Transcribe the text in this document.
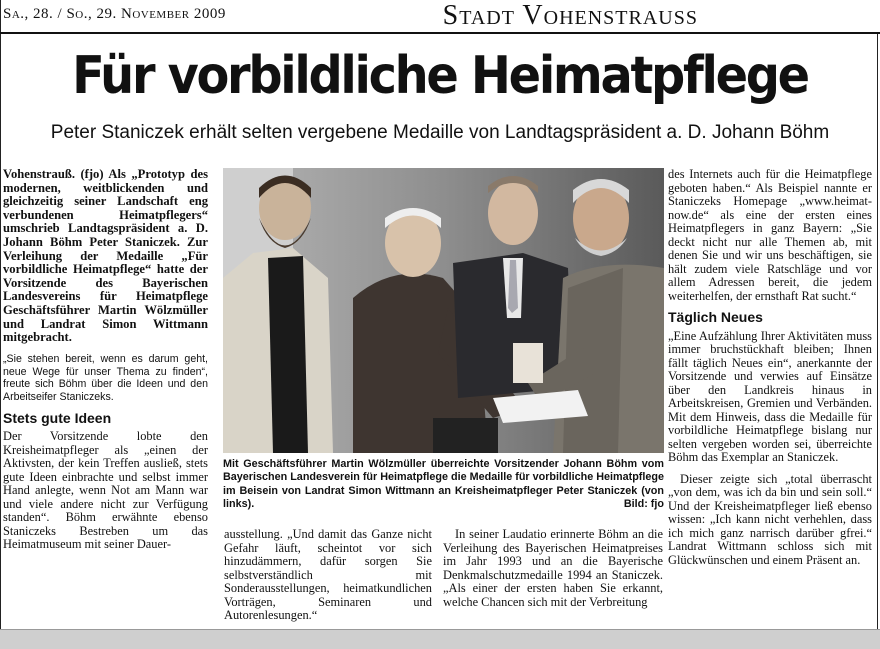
Sa., 28. / So., 29. November 2009	Stadt Vohenstrauss
Für vorbildliche Heimatpflege
Peter Staniczek erhält selten vergebene Medaille von Landtagspräsident a. D. Johann Böhm

Vohenstrauß. (fjo) Als „Prototyp des modernen, weitblickenden und gleichzeitig seiner Landschaft eng verbundenen Heimatpflegers“ umschrieb Landtagspräsident a. D. Johann Böhm Peter Staniczek. Zur Verleihung der Medaille „Für vorbildliche Heimatpflege“ hatte der Vorsitzende des Bayerischen Landesvereins für Heimatpflege Geschäftsführer Martin Wölzmüller und Landrat Simon Wittmann mitgebracht.

„Sie stehen bereit, wenn es darum geht, neue Wege für unser Thema zu finden“, freute sich Böhm über die Ideen und den Arbeitseifer Staniczeks.

Stets gute Ideen

Der Vorsitzende lobte den Kreisheimatpfleger als „einen der Aktivsten, der kein Treffen ausließ, stets gute Ideen einbrachte und selbst immer Hand anlegte, wenn Not am Mann war und viele andere nicht zur Verfügung standen“. Böhm erwähnte ebenso Staniczeks Bestreben um das Heimatmuseum mit seiner Dauer-

Mit Geschäftsführer Martin Wölzmüller überreichte Vorsitzender Johann Böhm vom Bayerischen Landesverein für Heimatpflege die Medaille für vorbildliche Heimatpflege im Beisein von Landrat Simon Wittmann an Kreisheimatpfleger Peter Staniczek (von links).	Bild: fjo

ausstellung. „Und damit das Ganze nicht Gefahr läuft, scheintot vor sich hinzudämmern, dafür sorgen Sie selbstverständlich mit Sonderausstellungen, heimatkundlichen Vorträgen, Seminaren und Autorenlesungen.“

In seiner Laudatio erinnerte Böhm an die Verleihung des Bayerischen Heimatpreises im Jahr 1993 und an die Bayerische Denkmalschutzmedaille 1994 an Staniczek. „Als einer der ersten haben Sie erkannt, welche Chancen sich mit der Verbreitung

des Internets auch für die Heimatpflege geboten haben.“ Als Beispiel nannte er Staniczeks Homepage „www.heimat-now.de“ als eine der ersten eines Heimatpflegers in ganz Bayern: „Sie deckt nicht nur alle Themen ab, mit denen Sie und wir uns beschäftigen, sie hält zudem viele Ratschläge und vor allem Adressen bereit, die jedem weiterhelfen, der ernsthaft Rat sucht.“

Täglich Neues

„Eine Aufzählung Ihrer Aktivitäten muss immer bruchstückhaft bleiben; Ihnen fällt täglich Neues ein“, anerkannte der Vorsitzende und verwies auf Einsätze über den Landkreis hinaus in Arbeitskreisen, Gremien und Verbänden. Mit dem Hinweis, dass die Medaille für vorbildliche Heimatpflege bislang nur selten vergeben worden sei, überreichte Böhm das Exemplar an Staniczek.

Dieser zeigte sich „total überrascht „von dem, was ich da bin und sein soll.“ Und der Kreisheimatpfleger ließ ebenso wissen: „Ich kann nicht verhehlen, dass ich mich ganz narrisch darüber gfrei.“ Landrat Wittmann schloss sich mit Glückwünschen und einem Präsent an.
